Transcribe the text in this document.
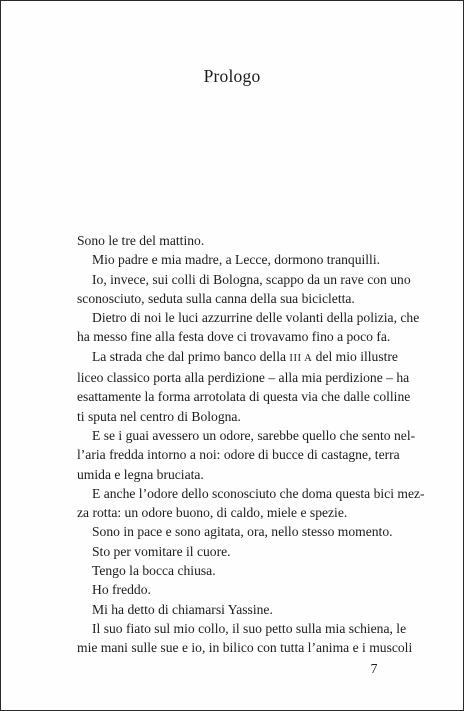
Prologo
Sono le tre del mattino.
Mio padre e mia madre, a Lecce, dormono tranquilli.
Io, invece, sui colli di Bologna, scappo da un rave con uno
sconosciuto, seduta sulla canna della sua bicicletta.
Dietro di noi le luci azzurrine delle volanti della polizia, che
ha messo fine alla festa dove ci trovavamo fino a poco fa.
La strada che dal primo banco della III A del mio illustre
liceo classico porta alla perdizione – alla mia perdizione – ha
esattamente la forma arrotolata di questa via che dalle colline
ti sputa nel centro di Bologna.
E se i guai avessero un odore, sarebbe quello che sento nel-
l’aria fredda intorno a noi: odore di bucce di castagne, terra
umida e legna bruciata.
E anche l’odore dello sconosciuto che doma questa bici mez-
za rotta: un odore buono, di caldo, miele e spezie.
Sono in pace e sono agitata, ora, nello stesso momento.
Sto per vomitare il cuore.
Tengo la bocca chiusa.
Ho freddo.
Mi ha detto di chiamarsi Yassine.
Il suo fiato sul mio collo, il suo petto sulla mia schiena, le
mie mani sulle sue e io, in bilico con tutta l’anima e i muscoli
7
